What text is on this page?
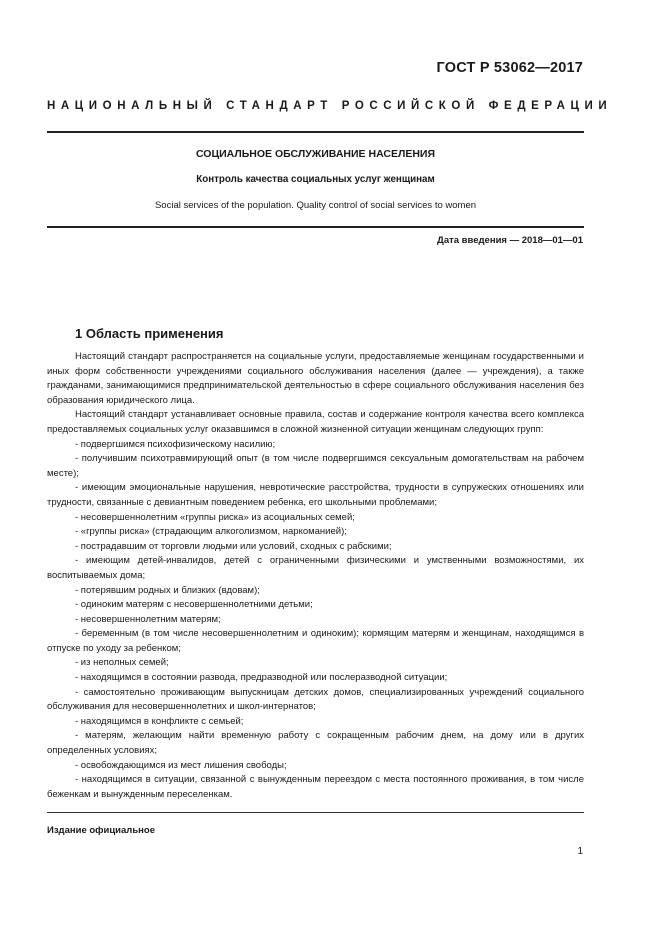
ГОСТ Р 53062—2017
НАЦИОНАЛЬНЫЙ СТАНДАРТ РОССИЙСКОЙ ФЕДЕРАЦИИ
СОЦИАЛЬНОЕ ОБСЛУЖИВАНИЕ НАСЕЛЕНИЯ
Контроль качества социальных услуг женщинам
Social services of the population. Quality control of social services to women
Дата введения — 2018—01—01
1 Область применения

Настоящий стандарт распространяется на социальные услуги, предоставляемые женщинам государственными и иных форм собственности учреждениями социального обслуживания населения (далее — учреждения), а также гражданами, занимающимися предпринимательской деятельностью в сфере социального обслуживания населения без образования юридического лица.

Настоящий стандарт устанавливает основные правила, состав и содержание контроля качества всего комплекса предоставляемых социальных услуг оказавшимся в сложной жизненной ситуации женщинам следующих групп:

- подвергшимся психофизическому насилию;

- получившим психотравмирующий опыт (в том числе подвергшимся сексуальным домогательствам на рабочем месте);

- имеющим эмоциональные нарушения, невротические расстройства, трудности в супружеских отношениях или трудности, связанные с девиантным поведением ребенка, его школьными проблемами;

- несовершеннолетним «группы риска» из асоциальных семей;

- «группы риска» (страдающим алкоголизмом, наркоманией);

- пострадавшим от торговли людьми или условий, сходных с рабскими;

- имеющим детей-инвалидов, детей с ограниченными физическими и умственными возможностями, их воспитываемых дома;

- потерявшим родных и близких (вдовам);

- одиноким матерям с несовершеннолетними детьми;

- несовершеннолетним матерям;

- беременным (в том числе несовершеннолетним и одиноким); кормящим матерям и женщинам, находящимся в отпуске по уходу за ребенком;

- из неполных семей;

- находящимся в состоянии развода, предразводной или послеразводной ситуации;

- самостоятельно проживающим выпускницам детских домов, специализированных учреждений социального обслуживания для несовершеннолетних и школ-интернатов;

- находящимся в конфликте с семьей;

- матерям, желающим найти временную работу с сокращенным рабочим днем, на дому или в других определенных условиях;

- освобождающимся из мест лишения свободы;

- находящимся в ситуации, связанной с вынужденным переездом с места постоянного проживания, в том числе беженкам и вынужденным переселенкам.

Издание официальное
1
